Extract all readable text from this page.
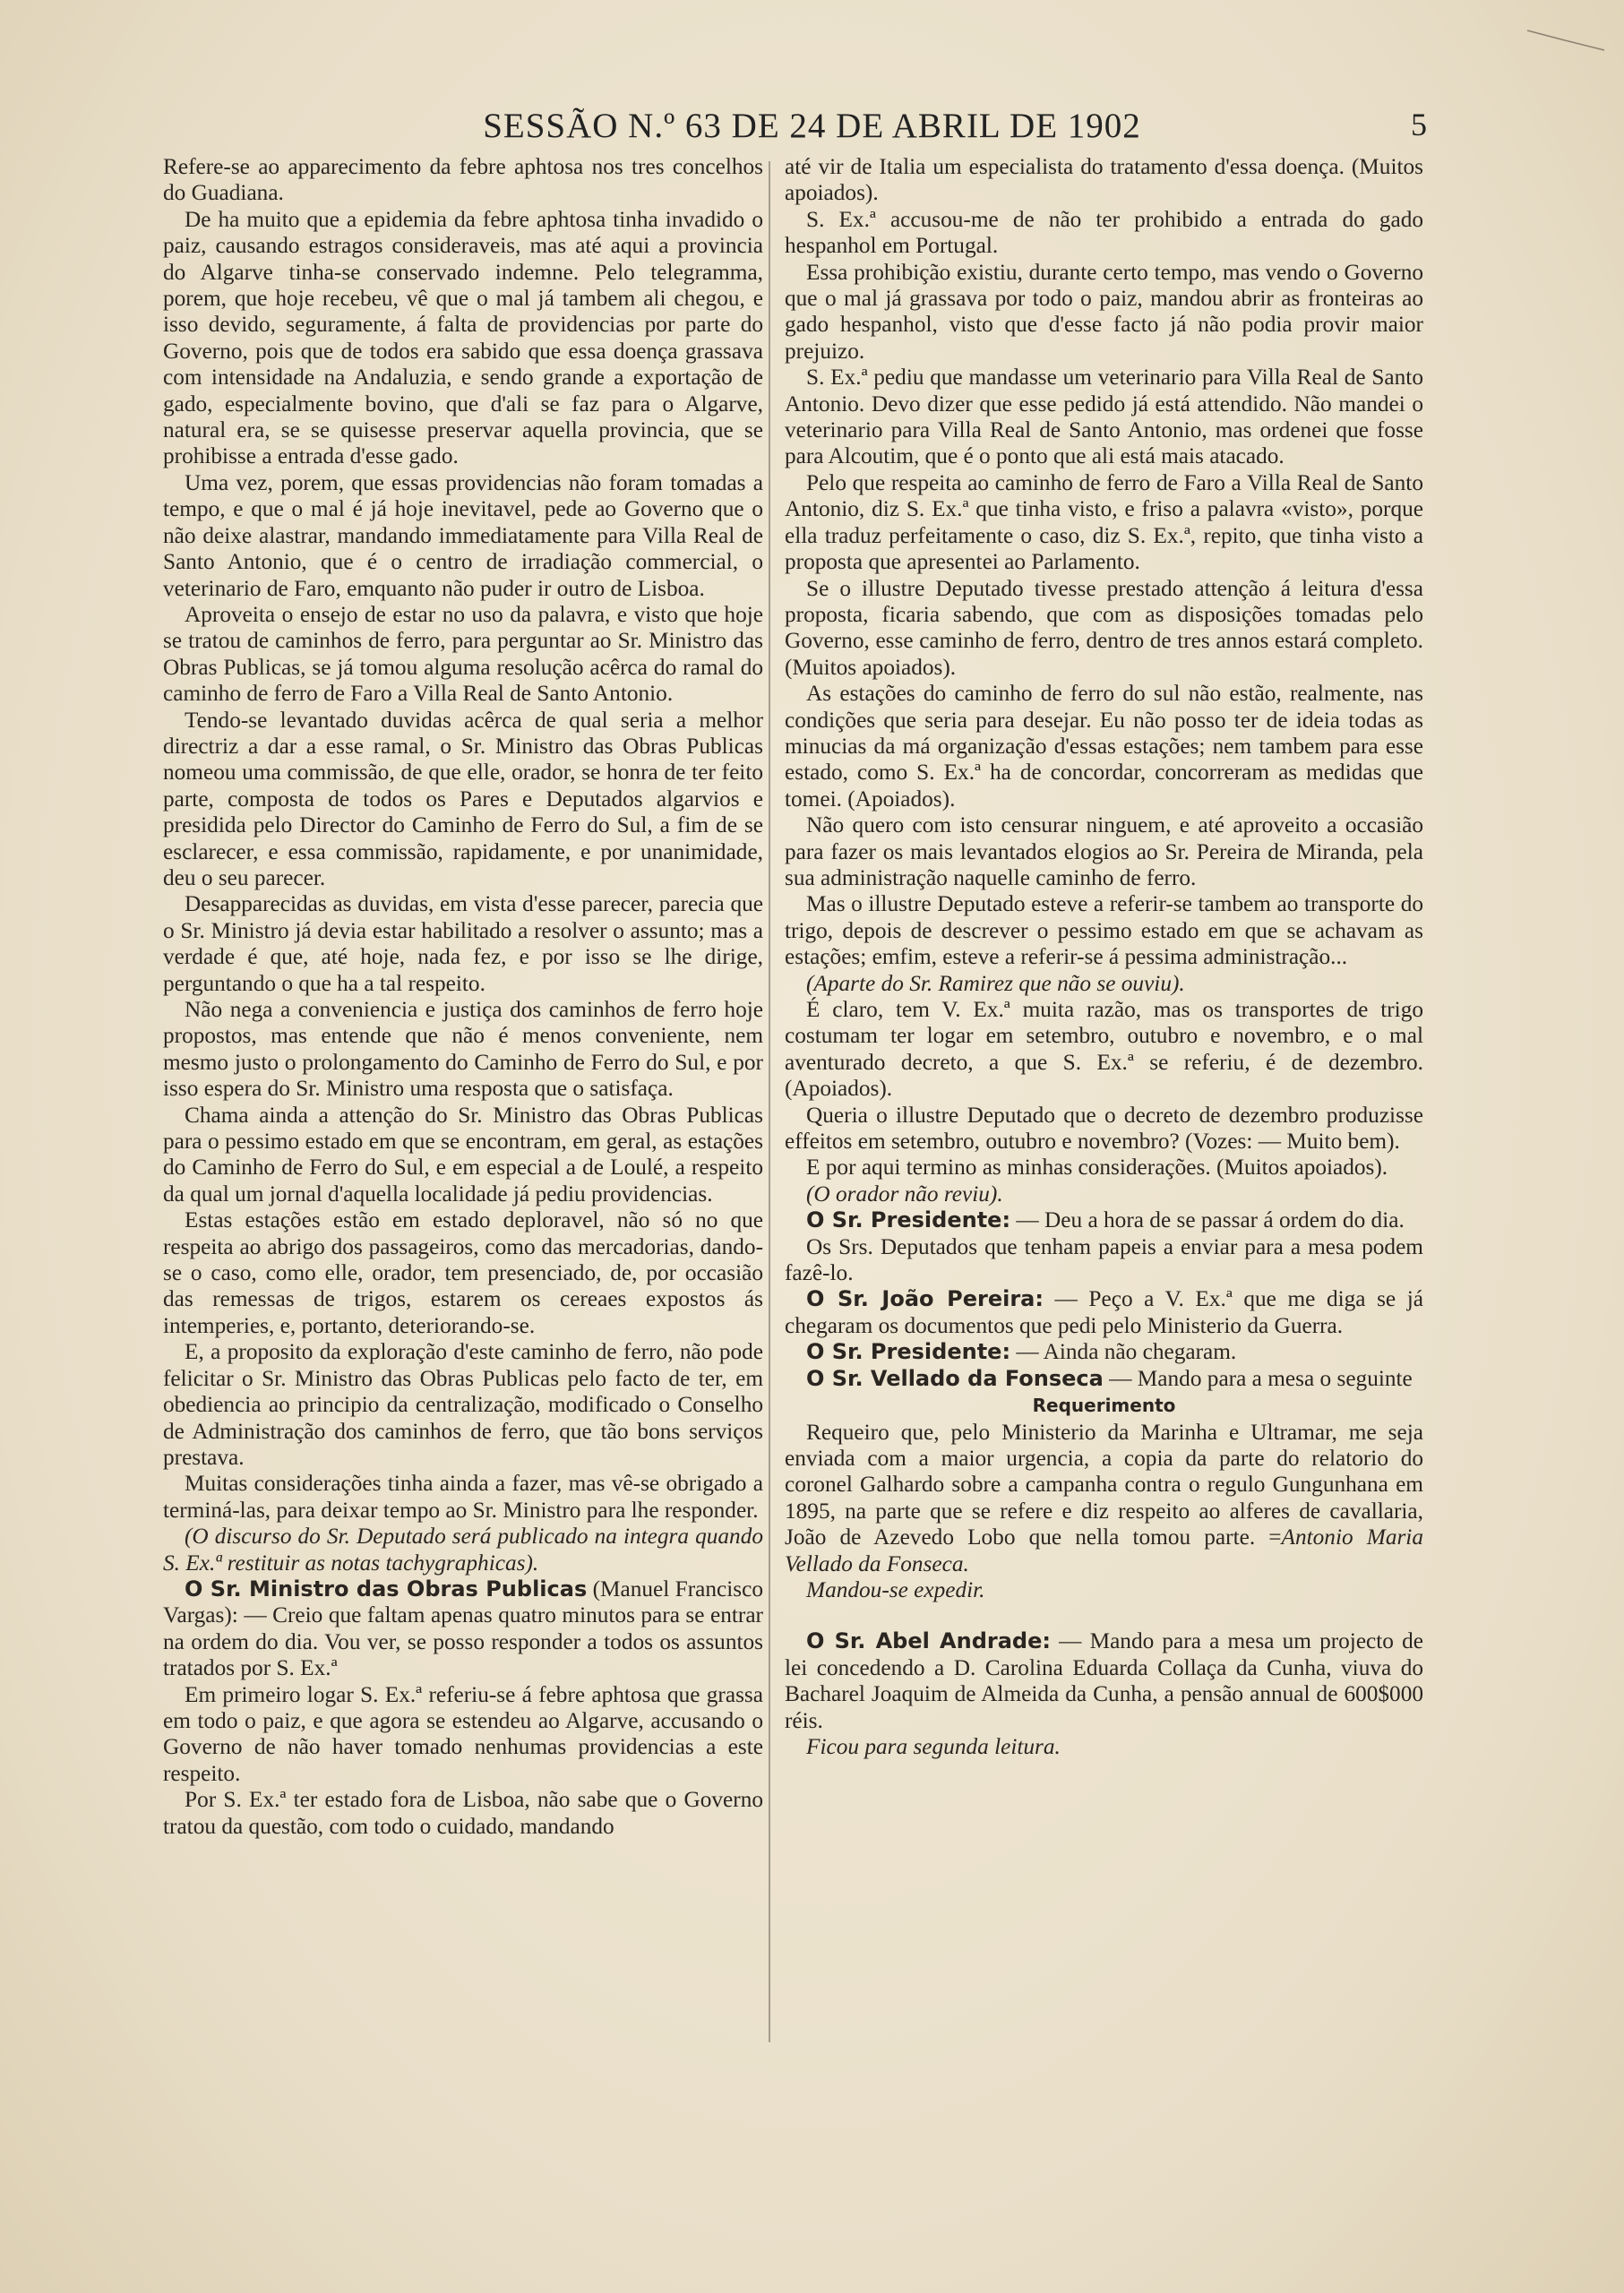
SESSÃO N.º 63 DE 24 DE ABRIL DE 1902	5

Refere-se ao apparecimento da febre aphtosa nos tres concelhos do Guadiana.

De ha muito que a epidemia da febre aphtosa tinha invadido o paiz, causando estragos consideraveis, mas até aqui a provincia do Algarve tinha-se conservado indemne. Pelo telegramma, porem, que hoje recebeu, vê que o mal já tambem ali chegou, e isso devido, seguramente, á falta de providencias por parte do Governo, pois que de todos era sabido que essa doença grassava com intensidade na Andaluzia, e sendo grande a exportação de gado, especialmente bovino, que d'ali se faz para o Algarve, natural era, se se quisesse preservar aquella provincia, que se prohibisse a entrada d'esse gado.

Uma vez, porem, que essas providencias não foram tomadas a tempo, e que o mal é já hoje inevitavel, pede ao Governo que o não deixe alastrar, mandando immediatamente para Villa Real de Santo Antonio, que é o centro de irradiação commercial, o veterinario de Faro, emquanto não puder ir outro de Lisboa.

Aproveita o ensejo de estar no uso da palavra, e visto que hoje se tratou de caminhos de ferro, para perguntar ao Sr. Ministro das Obras Publicas, se já tomou alguma resolução acêrca do ramal do caminho de ferro de Faro a Villa Real de Santo Antonio.

Tendo-se levantado duvidas acêrca de qual seria a melhor directriz a dar a esse ramal, o Sr. Ministro das Obras Publicas nomeou uma commissão, de que elle, orador, se honra de ter feito parte, composta de todos os Pares e Deputados algarvios e presidida pelo Director do Caminho de Ferro do Sul, a fim de se esclarecer, e essa commissão, rapidamente, e por unanimidade, deu o seu parecer.

Desapparecidas as duvidas, em vista d'esse parecer, parecia que o Sr. Ministro já devia estar habilitado a resolver o assunto; mas a verdade é que, até hoje, nada fez, e por isso se lhe dirige, perguntando o que ha a tal respeito.

Não nega a conveniencia e justiça dos caminhos de ferro hoje propostos, mas entende que não é menos conveniente, nem mesmo justo o prolongamento do Caminho de Ferro do Sul, e por isso espera do Sr. Ministro uma resposta que o satisfaça.

Chama ainda a attenção do Sr. Ministro das Obras Publicas para o pessimo estado em que se encontram, em geral, as estações do Caminho de Ferro do Sul, e em especial a de Loulé, a respeito da qual um jornal d'aquella localidade já pediu providencias.

Estas estações estão em estado deploravel, não só no que respeita ao abrigo dos passageiros, como das mercadorias, dando-se o caso, como elle, orador, tem presenciado, de, por occasião das remessas de trigos, estarem os cereaes expostos ás intemperies, e, portanto, deteriorando-se.

E, a proposito da exploração d'este caminho de ferro, não pode felicitar o Sr. Ministro das Obras Publicas pelo facto de ter, em obediencia ao principio da centralização, modificado o Conselho de Administração dos caminhos de ferro, que tão bons serviços prestava.

Muitas considerações tinha ainda a fazer, mas vê-se obrigado a terminá-las, para deixar tempo ao Sr. Ministro para lhe responder.

(O discurso do Sr. Deputado será publicado na integra quando S. Ex.ª restituir as notas tachygraphicas).

O Sr. Ministro das Obras Publicas (Manuel Francisco Vargas): — Creio que faltam apenas quatro minutos para se entrar na ordem do dia. Vou ver, se posso responder a todos os assuntos tratados por S. Ex.ª

Em primeiro logar S. Ex.ª referiu-se á febre aphtosa que grassa em todo o paiz, e que agora se estendeu ao Algarve, accusando o Governo de não haver tomado nenhumas providencias a este respeito.

Por S. Ex.ª ter estado fora de Lisboa, não sabe que o Governo tratou da questão, com todo o cuidado, mandando

até vir de Italia um especialista do tratamento d'essa doença. (Muitos apoiados).

S. Ex.ª accusou-me de não ter prohibido a entrada do gado hespanhol em Portugal.

Essa prohibição existiu, durante certo tempo, mas vendo o Governo que o mal já grassava por todo o paiz, mandou abrir as fronteiras ao gado hespanhol, visto que d'esse facto já não podia provir maior prejuizo.

S. Ex.ª pediu que mandasse um veterinario para Villa Real de Santo Antonio. Devo dizer que esse pedido já está attendido. Não mandei o veterinario para Villa Real de Santo Antonio, mas ordenei que fosse para Alcoutim, que é o ponto que ali está mais atacado.

Pelo que respeita ao caminho de ferro de Faro a Villa Real de Santo Antonio, diz S. Ex.ª que tinha visto, e friso a palavra «visto», porque ella traduz perfeitamente o caso, diz S. Ex.ª, repito, que tinha visto a proposta que apresentei ao Parlamento.

Se o illustre Deputado tivesse prestado attenção á leitura d'essa proposta, ficaria sabendo, que com as disposições tomadas pelo Governo, esse caminho de ferro, dentro de tres annos estará completo. (Muitos apoiados).

As estações do caminho de ferro do sul não estão, realmente, nas condições que seria para desejar. Eu não posso ter de ideia todas as minucias da má organização d'essas estações; nem tambem para esse estado, como S. Ex.ª ha de concordar, concorreram as medidas que tomei. (Apoiados).

Não quero com isto censurar ninguem, e até aproveito a occasião para fazer os mais levantados elogios ao Sr. Pereira de Miranda, pela sua administração naquelle caminho de ferro.

Mas o illustre Deputado esteve a referir-se tambem ao transporte do trigo, depois de descrever o pessimo estado em que se achavam as estações; emfim, esteve a referir-se á pessima administração...

(Aparte do Sr. Ramirez que não se ouviu).

É claro, tem V. Ex.ª muita razão, mas os transportes de trigo costumam ter logar em setembro, outubro e novembro, e o mal aventurado decreto, a que S. Ex.ª se referiu, é de dezembro. (Apoiados).

Queria o illustre Deputado que o decreto de dezembro produzisse effeitos em setembro, outubro e novembro? (Vozes: — Muito bem).

E por aqui termino as minhas considerações. (Muitos apoiados).

(O orador não reviu).

O Sr. Presidente: — Deu a hora de se passar á ordem do dia.

Os Srs. Deputados que tenham papeis a enviar para a mesa podem fazê-lo.

O Sr. João Pereira: — Peço a V. Ex.ª que me diga se já chegaram os documentos que pedi pelo Ministerio da Guerra.

O Sr. Presidente: — Ainda não chegaram.

O Sr. Vellado da Fonseca — Mando para a mesa o seguinte

Requerimento

Requeiro que, pelo Ministerio da Marinha e Ultramar, me seja enviada com a maior urgencia, a copia da parte do relatorio do coronel Galhardo sobre a campanha contra o regulo Gungunhana em 1895, na parte que se refere e diz respeito ao alferes de cavallaria, João de Azevedo Lobo que nella tomou parte. =Antonio Maria Vellado da Fonseca.

Mandou-se expedir.

O Sr. Abel Andrade: — Mando para a mesa um projecto de lei concedendo a D. Carolina Eduarda Collaça da Cunha, viuva do Bacharel Joaquim de Almeida da Cunha, a pensão annual de 600$000 réis.

Ficou para segunda leitura.
